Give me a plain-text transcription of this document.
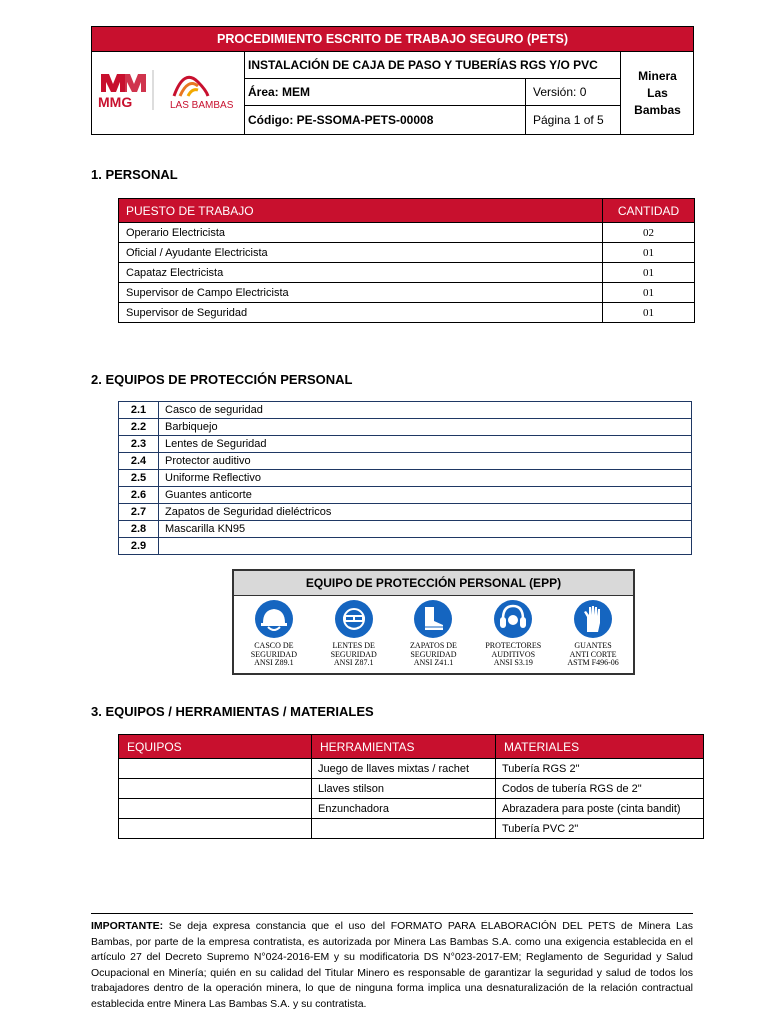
PROCEDIMIENTO ESCRITO DE TRABAJO SEGURO (PETS)
MMG	LAS BAMBAS
INSTALACIÓN DE CAJA DE PASO Y TUBERÍAS RGS Y/O PVC
Área: MEM	Versión: 0
Código: PE-SSOMA-PETS-00008	Página 1 of 5
Minera
Las
Bambas
1. PERSONAL
PUESTO DE TRABAJO	CANTIDAD
Operario Electricista	02
Oficial / Ayudante Electricista	01
Capataz Electricista	01
Supervisor de Campo Electricista	01
Supervisor de Seguridad	01
2. EQUIPOS DE PROTECCIÓN PERSONAL
2.1	Casco de seguridad
2.2	Barbiquejo
2.3	Lentes de Seguridad
2.4	Protector auditivo
2.5	Uniforme Reflectivo
2.6	Guantes anticorte
2.7	Zapatos de Seguridad dieléctricos
2.8	Mascarilla KN95
2.9	
EQUIPO DE PROTECCIÓN PERSONAL (EPP)
CASCO DE
SEGURIDAD
ANSI Z89.1
LENTES DE
SEGURIDAD
ANSI Z87.1
ZAPATOS DE
SEGURIDAD
ANSI Z41.1
PROTECTORES
AUDITIVOS
ANSI S3.19
GUANTES
ANTI CORTE
ASTM F496-06
3. EQUIPOS / HERRAMIENTAS / MATERIALES
EQUIPOS	HERRAMIENTAS	MATERIALES
	Juego de llaves mixtas / rachet	Tubería RGS 2"
	Llaves stilson	Codos de tubería RGS de 2"
	Enzunchadora	Abrazadera para poste (cinta bandit)
		Tubería PVC 2"
IMPORTANTE: Se deja expresa constancia que el uso del FORMATO PARA ELABORACIÓN DEL PETS de Minera Las Bambas, por parte de la empresa contratista, es autorizada por Minera Las Bambas S.A. como una exigencia establecida en el artículo 27 del Decreto Supremo N°024-2016-EM y su modificatoria DS N°023-2017-EM; Reglamento de Seguridad y Salud Ocupacional en Minería; quién en su calidad del Titular Minero es responsable de garantizar la seguridad y salud de todos los trabajadores dentro de la operación minera, lo que de ninguna forma implica una desnaturalización de la relación contractual establecida entre Minera Las Bambas S.A. y su contratista.
